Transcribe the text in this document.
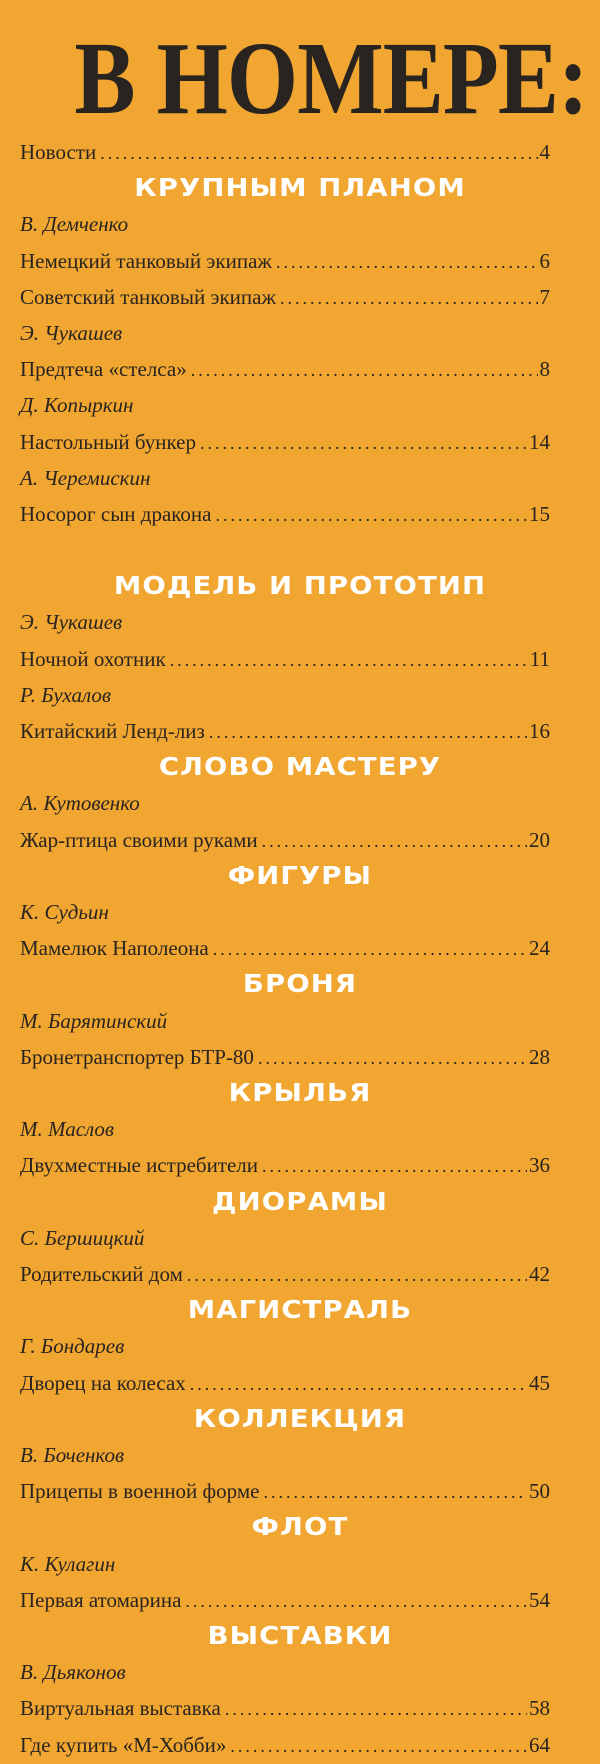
В НОМЕРЕ:
Новости .....	4
КРУПНЫМ ПЛАНОМ
В. Демченко
Немецкий танковый экипаж .....	6
Советский танковый экипаж .....	7
Э. Чукашев
Предтеча «стелса» .....	8
Д. Копыркин
Настольный бункер .....	14
А. Черемискин
Носорог сын дракона .....	15
МОДЕЛЬ И ПРОТОТИП
Э. Чукашев
Ночной охотник .....	11
Р. Бухалов
Китайский Ленд-лиз .....	16
СЛОВО МАСТЕРУ
А. Кутовенко
Жар-птица своими руками .....	20
ФИГУРЫ
К. Судьин
Мамелюк Наполеона .....	24
БРОНЯ
М. Барятинский
Бронетранспортер БТР-80 .....	28
КРЫЛЬЯ
М. Маслов
Двухместные истребители .....	36
ДИОРАМЫ
С. Бершицкий
Родительский дом .....	42
МАГИСТРАЛЬ
Г. Бондарев
Дворец на колесах .....	45
КОЛЛЕКЦИЯ
В. Боченков
Прицепы в военной форме .....	50
ФЛОТ
К. Кулагин
Первая атомарина .....	54
ВЫСТАВКИ
В. Дьяконов
Виртуальная выставка .....	58
Где купить «М-Хобби» .....	64
